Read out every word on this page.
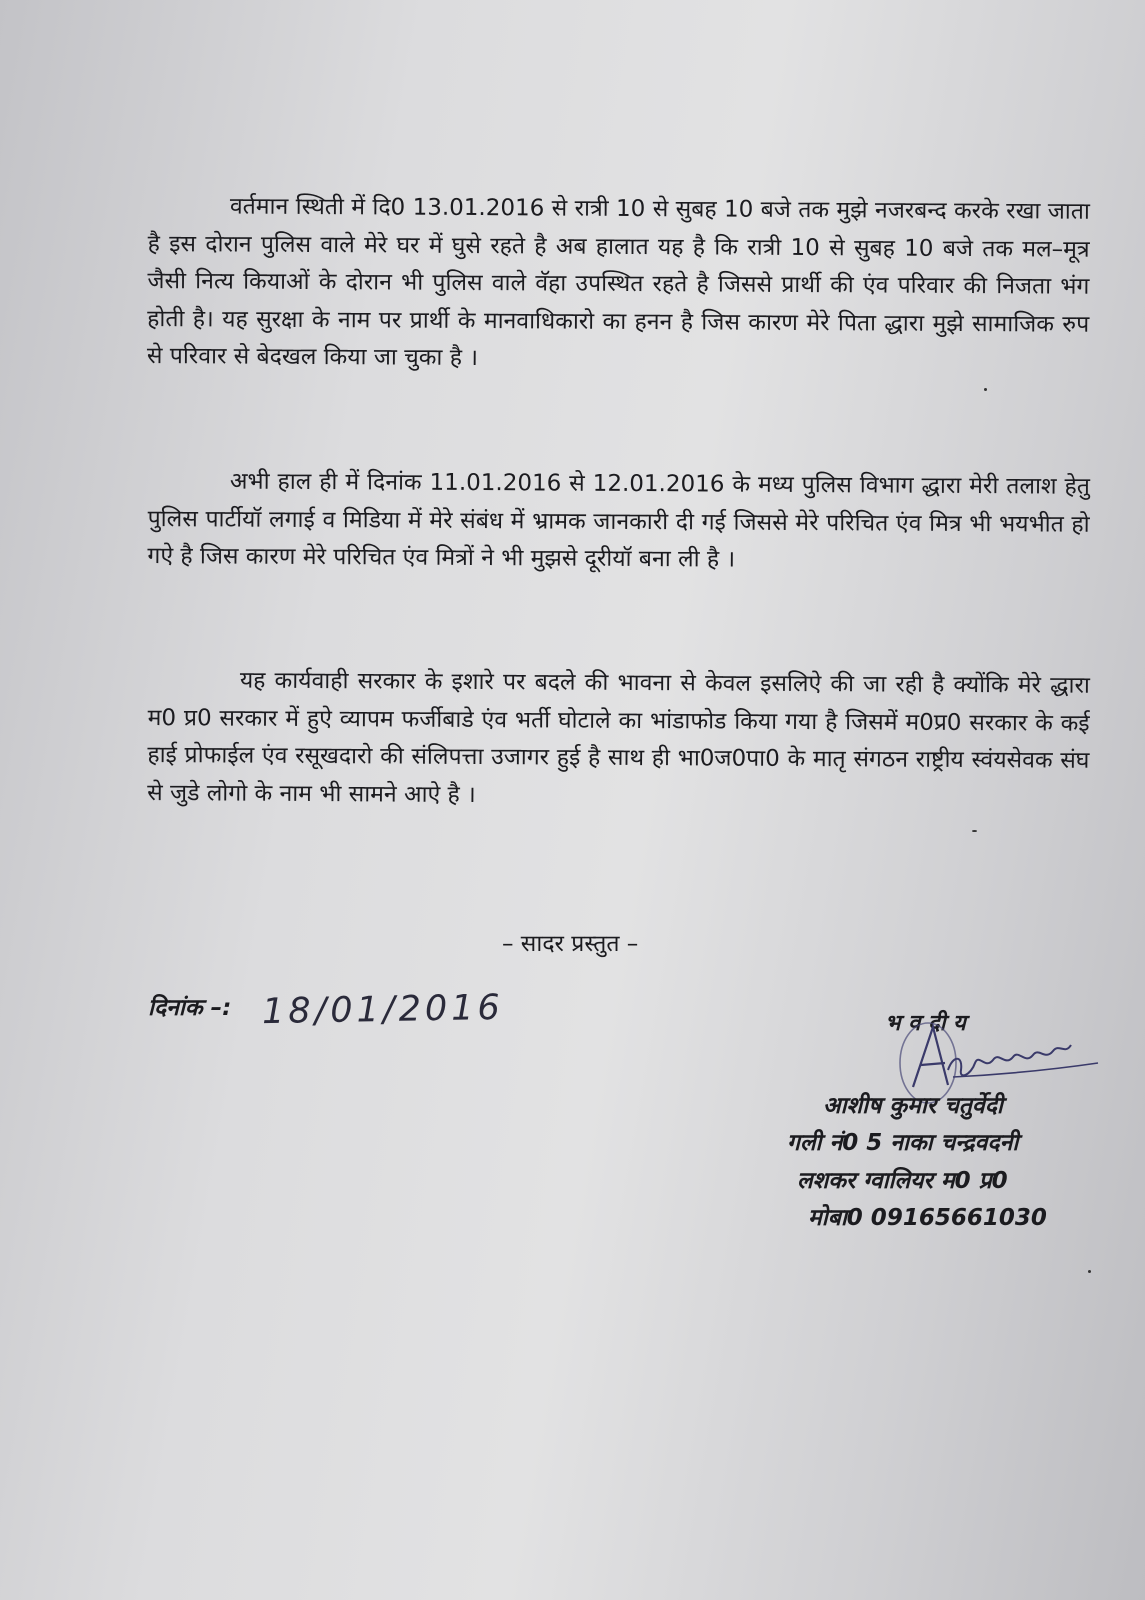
वर्तमान स्थिती में दि0 13.01.2016 से रात्री 10 से सुबह 10 बजे तक मुझे नजरबन्द करके रखा जाता है इस दोरान पुलिस वाले मेरे घर में घुसे रहते है अब हालात यह है कि रात्री 10 से सुबह 10 बजे तक मल–मूत्र जैसी नित्य कियाओं के दोरान भी पुलिस वाले वॅहा उपस्थित रहते है जिससे प्रार्थी की एंव परिवार की निजता भंग होती है। यह सुरक्षा के नाम पर प्रार्थी के मानवाधिकारो का हनन है जिस कारण मेरे पिता द्धारा मुझे सामाजिक रुप से परिवार से बेदखल किया जा चुका है ।

अभी हाल ही में दिनांक 11.01.2016 से 12.01.2016 के मध्य पुलिस विभाग द्धारा मेरी तलाश हेतु पुलिस पार्टीयॉ लगाई व मिडिया में मेरे संबंध में भ्रामक जानकारी दी गई जिससे मेरे परिचित एंव मित्र भी भयभीत हो गऐ है जिस कारण मेरे परिचित एंव मित्रों ने भी मुझसे दूरीयॉ बना ली है ।

यह कार्यवाही सरकार के इशारे पर बदले की भावना से केवल इसलिऐ की जा रही है क्योंकि मेरे द्धारा म0 प्र0 सरकार में हुऐ व्यापम फर्जीबाडे एंव भर्ती घोटाले का भांडाफोड किया गया है जिसमें म0प्र0 सरकार के कई हाई प्रोफाईल एंव रसूखदारो की संलिपत्ता उजागर हुई है साथ ही भा0ज0पा0 के मातृ संगठन राष्ट्रीय स्वंयसेवक संघ से जुडे लोगो के नाम भी सामने आऐ है ।

– सादर प्रस्तुत –
दिनांक –: 18/01/2016	भ व दी य
आशीष कुमार चतुर्वेदी
गली नं0 5 नाका चन्द्रवदनी
लशकर ग्वालियर म0 प्र0
मोबा0 09165661030
